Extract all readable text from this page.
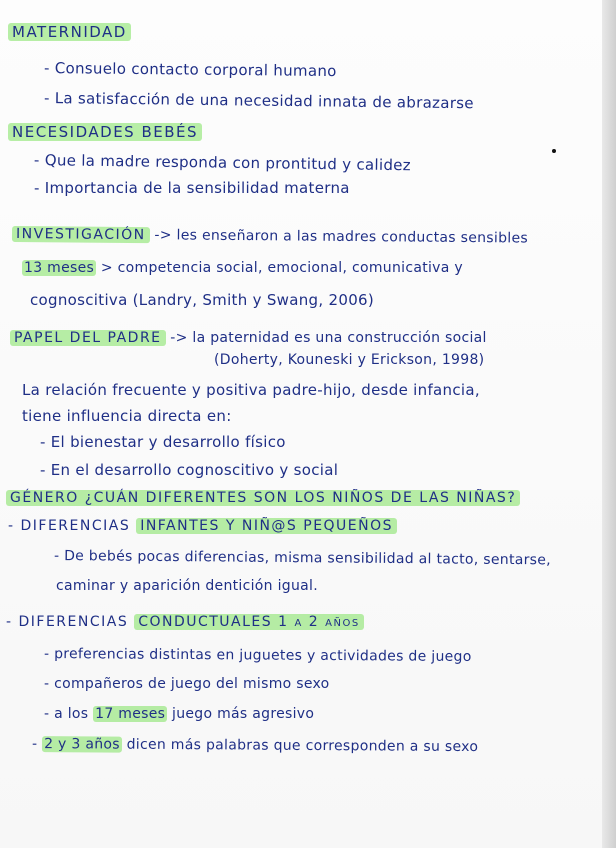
MATERNIDAD
- Consuelo contacto corporal humano
- La satisfacción de una necesidad innata de abrazarse
NECESIDADES BEBÉS
- Que la madre responda con prontitud y calidez
- Importancia de la sensibilidad materna
INVESTIGACIÓN -> les enseñaron a las madres conductas sensibles
13 meses > competencia social, emocional, comunicativa y
cognoscitiva (Landry, Smith y Swang, 2006)
PAPEL DEL PADRE -> la paternidad es una construcción social
(Doherty, Kouneski y Erickson, 1998)
La relación frecuente y positiva padre-hijo, desde infancia,
tiene influencia directa en:
- El bienestar y desarrollo físico
- En el desarrollo cognoscitivo y social
GÉNERO ¿CUÁN DIFERENTES SON LOS NIÑOS DE LAS NIÑAS?
- DIFERENCIAS INFANTES Y NIÑ@S PEQUEÑOS
- De bebés pocas diferencias, misma sensibilidad al tacto, sentarse,
caminar y aparición dentición igual.
- DIFERENCIAS CONDUCTUALES 1 a 2 años
- preferencias distintas en juguetes y actividades de juego
- compañeros de juego del mismo sexo
- a los 17 meses juego más agresivo
- 2 y 3 años dicen más palabras que corresponden a su sexo
